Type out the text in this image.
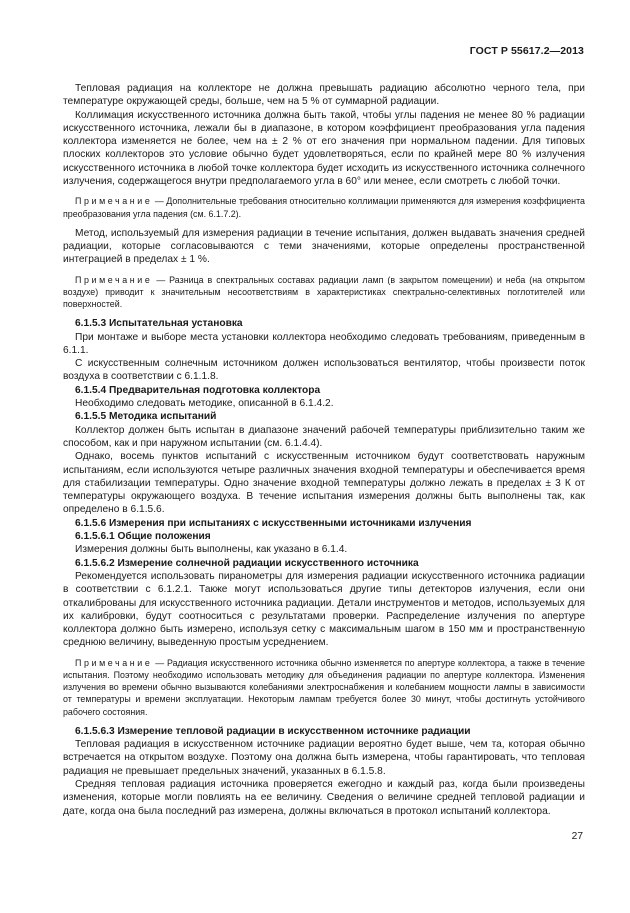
ГОСТ Р 55617.2—2013

Тепловая радиация на коллекторе не должна превышать радиацию абсолютно черного тела, при температуре окружающей среды, больше, чем на 5 % от суммарной радиации.

Коллимация искусственного источника должна быть такой, чтобы углы падения не менее 80 % радиации искусственного источника, лежали бы в диапазоне, в котором коэффициент преобразования угла падения коллектора изменяется не более, чем на ± 2 % от его значения при нормальном падении. Для типовых плоских коллекторов это условие обычно будет удовлетворяться, если по крайней мере 80 % излучения искусственного источника в любой точке коллектора будет исходить из искусственного источника солнечного излучения, содержащегося внутри предполагаемого угла в 60° или менее, если смотреть с любой точки.

Примечание — Дополнительные требования относительно коллимации применяются для измерения коэффициента преобразования угла падения (см. 6.1.7.2).

Метод, используемый для измерения радиации в течение испытания, должен выдавать значения средней радиации, которые согласовываются с теми значениями, которые определены пространственной интеграцией в пределах ± 1 %.

Примечание — Разница в спектральных составах радиации ламп (в закрытом помещении) и неба (на открытом воздухе) приводит к значительным несоответствиям в характеристиках спектрально-селективных поглотителей или поверхностей.

6.1.5.3 Испытательная установка

При монтаже и выборе места установки коллектора необходимо следовать требованиям, приведенным в 6.1.1.

С искусственным солнечным источником должен использоваться вентилятор, чтобы произвести поток воздуха в соответствии с 6.1.1.8.

6.1.5.4 Предварительная подготовка коллектора

Необходимо следовать методике, описанной в 6.1.4.2.

6.1.5.5 Методика испытаний

Коллектор должен быть испытан в диапазоне значений рабочей температуры приблизительно таким же способом, как и при наружном испытании (см. 6.1.4.4).

Однако, восемь пунктов испытаний с искусственным источником будут соответствовать наружным испытаниям, если используются четыре различных значения входной температуры и обеспечивается время для стабилизации температуры. Одно значение входной температуры должно лежать в пределах ± 3 К от температуры окружающего воздуха. В течение испытания измерения должны быть выполнены так, как определено в 6.1.5.6.

6.1.5.6 Измерения при испытаниях с искусственными источниками излучения

6.1.5.6.1 Общие положения

Измерения должны быть выполнены, как указано в 6.1.4.

6.1.5.6.2 Измерение солнечной радиации искусственного источника

Рекомендуется использовать пиранометры для измерения радиации искусственного источника радиации в соответствии с 6.1.2.1. Также могут использоваться другие типы детекторов излучения, если они откалиброваны для искусственного источника радиации. Детали инструментов и методов, используемых для их калибровки, будут соотноситься с результатами проверки. Распределение излучения по апертуре коллектора должно быть измерено, используя сетку с максимальным шагом в 150 мм и пространственную среднюю величину, выведенную простым усреднением.

Примечание — Радиация искусственного источника обычно изменяется по апертуре коллектора, а также в течение испытания. Поэтому необходимо использовать методику для объединения радиации по апертуре коллектора. Изменения излучения во времени обычно вызываются колебаниями электроснабжения и колебанием мощности лампы в зависимости от температуры и времени эксплуатации. Некоторым лампам требуется более 30 минут, чтобы достигнуть устойчивого рабочего состояния.

6.1.5.6.3 Измерение тепловой радиации в искусственном источнике радиации

Тепловая радиация в искусственном источнике радиации вероятно будет выше, чем та, которая обычно встречается на открытом воздухе. Поэтому она должна быть измерена, чтобы гарантировать, что тепловая радиация не превышает предельных значений, указанных в 6.1.5.8.

Средняя тепловая радиация источника проверяется ежегодно и каждый раз, когда были произведены изменения, которые могли повлиять на ее величину. Сведения о величине средней тепловой радиации и дате, когда она была последний раз измерена, должны включаться в протокол испытаний коллектора.

27
